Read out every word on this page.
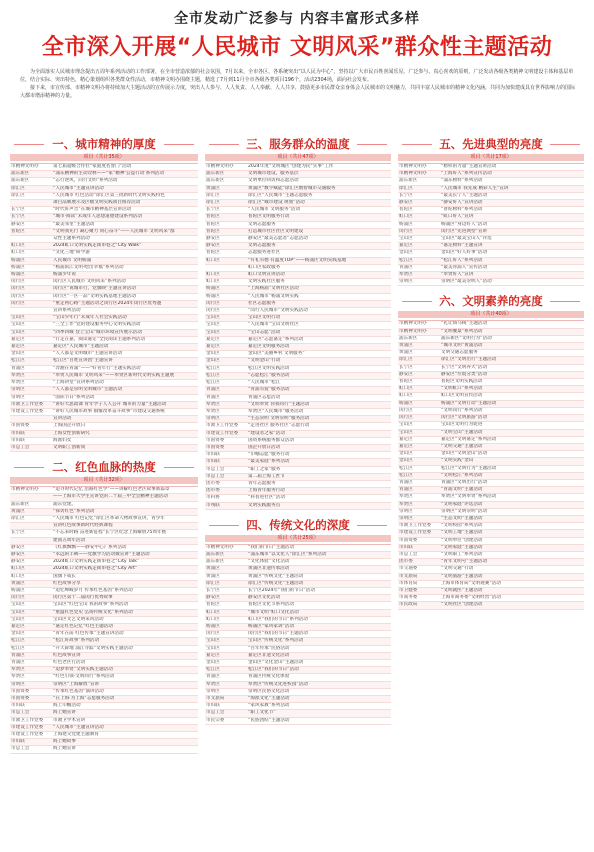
全市发动广泛参与 内容丰富形式多样
全市深入开展“人民城市 文明风采”群众性主题活动

为全面落实人民城市理念提出五周年系列活动的工作部署，在全市营造浓郁的社会氛围，7月以来，全市各区、各系统突出“以人民为中心”，坚持以广大市民百姓喜闻乐见、广泛参与、真心喜欢的原则，广泛发动各级各类精神文明建设主体和基层单位，结合实际、突出特色，精心策划组织各类群众性活动，市精神文明办围绕主题，精选了7月到11月全市各级各类项目196个，活动2304场，面向社会发布。

接下来，市宣传部、市精神文明办将持续加大主题活动的宣传展示力度，突出人人参与、人人负责、人人奉献、人人共享，鼓励更多市民群众亲身体会人民城市的文明魅力，共同丰富人民城市的精神文化内涵，共同为加快建成具有世界影响力的国际大都市增添精神的力量。

一、城市精神的厚度
项目（共计35项）
市精神文明办	第七届超级合作社“家庭度名誉门”活动
浦东新区	“浦东精神的生动诠释——“家”精神‘公益行动’系列活动
浦东新区	“志行逆风，向行文明”系列活动
徐汇区	“人民城市”主题宣讲活动
徐汇区	“人民城市 红色活动”徐汇区第三批新时代文明实践特色
项目品牌展示及区级文明实践项目推荐活动
长宁区	“时代好声音”在城市精神基层宣讲活动
长宁区	“城市·阅读”未成年人思想道德建设系列活动
静安区	“最美邻里”主题活动
普陀区	“文明我先行 凝心聚力 同心奋斗”——人民城市 文明风采”群
众性主题系列活动
虹口区	2024虹口文明实践走街串巷之“City Walk”
虹口区	“文化三地”研学游
杨浦区	人民城市 文明杨浦
杨浦区	“杨浦滨江文明·绘出幸福”系列活动
杨浦区	杨浦少年说
闵行区	闵行区人民城市 文明风采”系列活动
闵行区	闵行区“说城市行，党旗映”主题宣讲活动
闵行区	闵行区“一区一品”文明实践基地主题活动
闵行区	“重走初心路”主题活动之闵行区2024年闵行区优秀邀
宣讲系列活动
宝山区	“宝山少年行”未成年人社会实践活动
宝山区	“三全工作”党的建设服务中心文明实践活动
宝山区	“四季四城 登上宝山”城市环境宣传展示活动
嘉定区	“行走在嘉，阅读嘉定”全民阅读主题系列活动
嘉定区	嘉定区“人民城市”主题活动
金山区	“人人都是文明城市”主题宣讲活动
松江区	松江区“百姓宣讲团”主题宣讲
青浦区	“奔跑在青浦”——“好青年行”主题实践活动
奉贤区	“奉贤人民城市 文明风采”——奉贤区新时代文明实践主题展
奉贤区	“上海讲堂”宣讲系列活动
崇明区	“人人都是崇明文明城市”主题活动
崇明区	“国际节日”系列活动
市教卫工作党委	“讲好大思政课 青年学子人人公开 城市的力量”主题活动
市建设工作党委	“讲好人民城市故事 搞懂改革奋斗故事”市建设交通系统
宣讲活动
市国资委	上海国企开放日
市妇联	上海女性创新研究
市妇联	海派妇女
市总工会	文明职工创新岗
二、红色血脉的热度
项目（共计32项）
市精神文明办	“追寻时代记忆 沿路红色学”——讲解红色老区故事新篇章
——上海市大学生宣讲党的二十届三中全会精神主题活动
浦东新区	浦东党建。
黄浦区	“探访红色”系列活动
徐汇区	“人民城市 红色记忆”徐汇区革命人物故事宣讲，青少年
宣讲红色故事新时代经典课程
长宁区	“不忘来时路 奋进新征程”长宁区纪念上海解放75周年暨
建国五周年活动
静安区	《红旗飘飘——静安中心》系列活动
静安区	“永远的丰碑——党旗学习活动微宣讲”主题活动
静安区	2024虹口文明实践走街串巷之“City Talk”
虹口区	2024虹口文明实践走街串巷之“City Art”
虹口区	国旗下成长
黄浦区	红色故事分享
杨浦区	“追忆峥嵘岁月 传承红色基因”系列活动
闵行区	闵行区第十二届闵行优秀故事
宝山区	宝山区“红色宝山 我的故事”系列活动
宝山区	“重温红色党史 弘扬传统文化”系列活动
宝山区	宝山区文艺文明采风活动
嘉定区	“嘉定红色记忆”红色主题活动
金山区	“青年在前 红色传承”主题宣讲活动
松江区	“松江好故事”系列活动
松江区	“开天辟地 浦江寻踪”文明实践主题活动
青浦区	红色故事宣讲
青浦区	红色老区行活动
奉贤区	“追梦奉贤”文明实践主题活动
奉贤区	“红色引领·文明同行”系列活动
崇明区	崇明区“上海解放”宣讲
市国资委	“传承红色基因”演讲活动
市国资委	“在上海·为上海”志愿服务活动
市妇联	海上巾帼活动
市总工会	海上她宣讲
市教卫工作党委	市教卫学术宣讲
市建设工作党委	“人民城市”主题宣讲活动
市建设工作党委	上海建交党建主题教育
市妇联	海上她故事
市总工会	海上她宣讲
三、服务群众的温度
项目（共计47项）
市精神文明办	2024年度“文明城区”创建为民“实事”工作
浦东新区	文明城市建设，服务基层
浦东新区	文明单位回访和志愿活动
黄浦区	黄浦区“数字赋能”徐汇区数智城市交通服务
徐汇区	徐汇区“人民城市”主题志愿服务
徐汇区	徐汇区“城市建设 规划”活动
长宁区	“人民城市 文明服务”活动
普陀区	普陀区文明服务行动
普陀区	文明志愿服务
普陀区	打造城市社区社区文明建设
静安区	静安区“最美志愿者”志愿活动
静安区	文明志愿服务
普陀区	志愿服务进社区
虹口区	“有礼有德 有温度TOP”——杨浦区文明实践基地
虹口区家政服务
虹口区	虹口文明宣讲活动
虹口区	文明实践社区服务
杨浦区	“上海杨浦”文明社区活动
杨浦区	“人民城市”杨浦文明实践
闵行区	社区志愿服务
闵行区	“闵行人民城市”文明实践活动
宝山区	宝山区文明行动
宝山区	“人民城市”宝山文明社区
宝山区	“宝山志愿”活动
嘉定区	嘉定区“志愿嘉定”系列活动
嘉定区	嘉定区文明服务活动
金山区	金山区“美丽乡村 文明服务”
金山区	“文明金山”行动
松江区	松江区文明实践活动
松江区	“志愿松江”服务活动
松江区	“人民城市”松江
青浦区	“青浦有爱”服务活动
青浦区	青浦区志愿活动
奉贤区	“文明奉贤 你我同行”主题活动
奉贤区	奉贤区“人民城市”服务活动
崇明区	“生态崇明 文明崇明”服务活动
市教卫工作党委	“走进社区 服务社区”志愿行动
市建设工作党委	“建设者之家”活动
市国资委	国资系统服务群众活动
市国资委	国企开放日活动
市妇联	“巾帼志愿”服务行动
市妇联	“最美家庭”系列活动
市总工会	“职工之家”服务
市总工会	第二届上海工匠节
团市委	青年志愿服务
团市委	上海青年服务行动
市科协	“科普进社区”活动
市残联	文明实践服务点
四、传统文化的深度
项目（共计25项）
市精神文明办	“我们的节日”主题活动
浦东新区	“浦东城市”以文化人“徐汇区”系列活动
浦东新区	“文化体验”文化活动
黄浦区	黄浦区非遗传承活动
黄浦区	黄浦区“传统文化”主题活动
徐汇区	徐汇区“传统文化”主题活动
长宁区	长宁区2024年“我们的节日”活动
静安区	静安区文化活动
普陀区	普陀区文化节系列活动
虹口区	“城市文明”虹口文化活动
虹口区	虹口区“我们的节日”系列活动
杨浦区	杨浦区“家风家训”活动
闵行区	闵行区“我们的节日”主题活动
宝山区	宝山区“传统文化”系列活动
宝山区	“百年传承”民俗活动
嘉定区	嘉定区非遗文化活动
金山区	金山区“文化金山”主题活动
松江区	松江区“我们的节日”活动
青浦区	青浦区传统文化体验
奉贤区	奉贤区“传统文化进校园”活动
崇明区	崇明区民俗文化活动
市文旅局	“海派文化”主题活动
市妇联	“家风家教”系列活动
市总工会	“职工文化节”
市民宗委	“民族团结”主题活动
五、先进典型的亮度
项目（共计17项）
市精神文明办	“榜样的力量”主题宣讲活动
市精神文明办	“上海好人”系列宣传活动
浦东新区	“浦东榜样”系列活动
徐汇区	“人民城市 我先成 精彩人生”宣讲
长宁区	“最美长宁人”主题活动
静安区	“静安好人”宣讲活动
普陀区	“普陀榜样”系列活动
虹口区	“虹口好人”宣讲
杨浦区	杨浦区“身边好人”活动
闵行区	闵行区“先进典型”宣讲
宝山区	宝山区“最美宝山人”评选
嘉定区	“嘉定榜样”主题宣讲
金山区	金山区“好人好事”活动
松江区	“松江好人”系列活动
青浦区	“最美青浦人”宣传活动
奉贤区	“奉贤好人”宣讲
崇明区	崇明区“最美崇明人”活动
六、文明素养的亮度
项目（共计40项）
市精神文明办	“礼让斑马线”主题活动
市精神文明办	“文明餐桌”系列活动
浦东新区	浦东新区“文明行为”活动
黄浦区	“城市文明”黄浦活动
黄浦区	文明交通志愿服务
徐汇区	徐汇区“文明出行”主题活动
长宁区	长宁区“文明养犬”活动
静安区	静安区“垃圾分类”活动
普陀区	普陀区文明实践活动
虹口区	“文明虹口”系列活动
虹口区	虹口区文明宣传活动
杨浦区	杨浦区“文明行动”主题活动
闵行区	“文明闵行”系列活动
闵行区	闵行区“文明旅游”活动
宝山区	宝山区文明行为促进
宝山区	“文明宝山”主题活动
嘉定区	嘉定区“文明嘉定”系列活动
嘉定区	“文明交通”主题活动
金山区	金山区“文明金山”活动
金山区	“文明实践”金山
松江区	松江区“文明行为”主题活动
松江区	“文明松江”系列活动
青浦区	青浦区“文明出行”活动
青浦区	“青浦文明”主题活动
奉贤区	奉贤区“文明奉贤”系列活动
奉贤区	“文明家庭”评选活动
崇明区	崇明区“文明崇明”活动
崇明区	“生态文明”主题活动
市教卫工作党委	“文明校园”系列活动
市建设工作党委	“文明工地”主题活动
市国资委	“文明单位”创建活动
市妇联	“文明家庭”主题活动
市总工会	“文明职工”系列活动
团市委	“青年文明号”主题活动
市交通委	“文明交通”行动
市文旅局	“文明旅游”主题活动
市体育局	上海市体育局“文明观赛”活动
市卫健委	“文明就医”主题活动
市商务委	上海市商务委“文明经营”活动
市民政局	“文明社区”创建活动
